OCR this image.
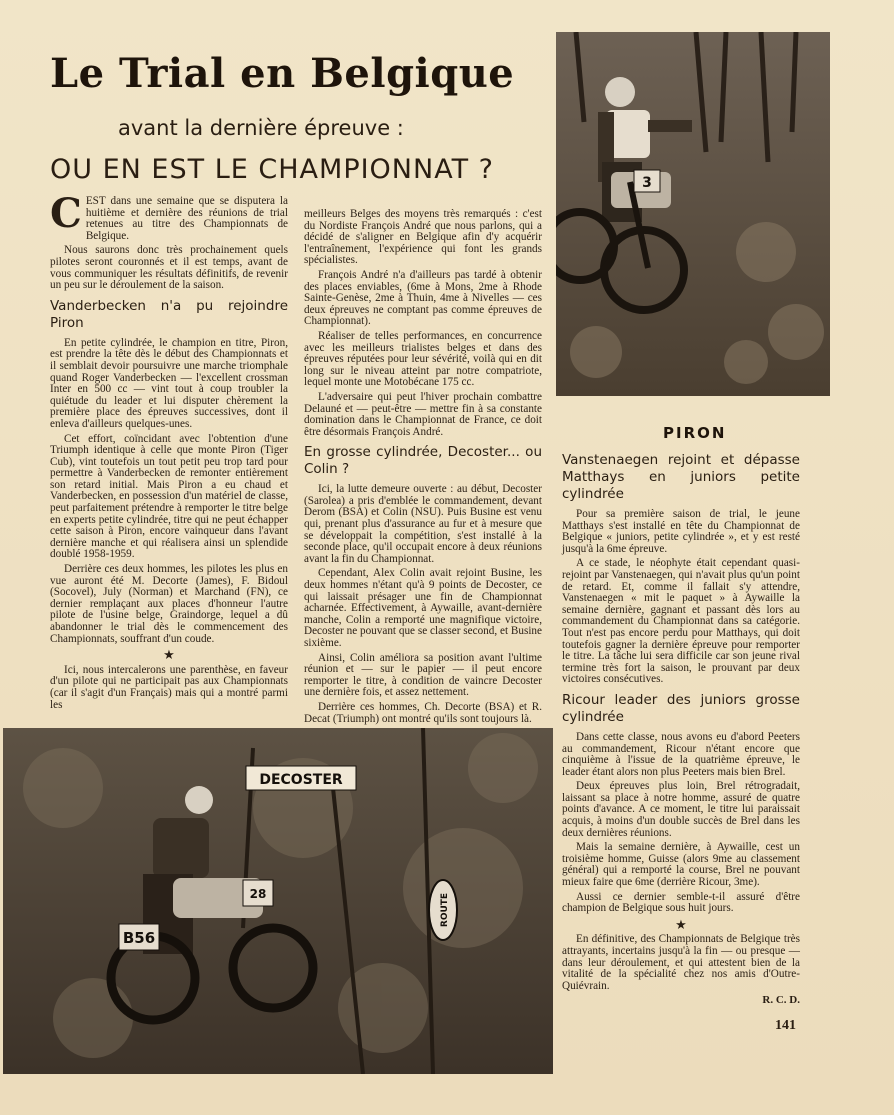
Le Trial en Belgique
avant la dernière épreuve :
OU EN EST LE CHAMPIONNAT ?	3

CEST dans une semaine que se disputera la huitième et dernière des réunions de trial retenues au titre des Championnats de Belgique.

Nous saurons donc très prochainement quels pilotes seront couronnés et il est temps, avant de vous communiquer les résultats définitifs, de revenir un peu sur le déroulement de la saison.

Vanderbecken n'a pu rejoindre Piron

En petite cylindrée, le champion en titre, Piron, est prendre la tête dès le début des Championnats et il semblait devoir poursuivre une marche triomphale quand Roger Vanderbecken — l'excellent crossman Inter en 500 cc — vint tout à coup troubler la quiétude du leader et lui disputer chèrement la première place des épreuves successives, dont il enleva d'ailleurs quelques-unes.

Cet effort, coïncidant avec l'obtention d'une Triumph identique à celle que monte Piron (Tiger Cub), vint toutefois un tout petit peu trop tard pour permettre à Vanderbecken de remonter entièrement son retard initial. Mais Piron a eu chaud et Vanderbecken, en possession d'un matériel de classe, peut parfaitement prétendre à remporter le titre belge en experts petite cylindrée, titre qui ne peut échapper cette saison à Piron, encore vainqueur dans l'avant dernière manche et qui réalisera ainsi un splendide doublé 1958-1959.

Derrière ces deux hommes, les pilotes les plus en vue auront été M. Decorte (James), F. Bidoul (Socovel), July (Norman) et Marchand (FN), ce dernier remplaçant aux places d'honneur l'autre pilote de l'usine belge, Graindorge, lequel a dû abandonner le trial dès le commencement des Championnats, souffrant d'un coude.

★

Ici, nous intercalerons une parenthèse, en faveur d'un pilote qui ne participait pas aux Championnats (car il s'agit d'un Français) mais qui a montré parmi les

meilleurs Belges des moyens très remarqués : c'est du Nordiste François André que nous parlons, qui a décidé de s'aligner en Belgique afin d'y acquérir l'entraînement, l'expérience qui font les grands spécialistes.

François André n'a d'ailleurs pas tardé à obtenir des places enviables, (6me à Mons, 2me à Rhode Sainte-Genèse, 2me à Thuin, 4me à Nivelles — ces deux épreuves ne comptant pas comme épreuves de Championnat).

Réaliser de telles performances, en concurrence avec les meilleurs trialistes belges et dans des épreuves réputées pour leur sévérité, voilà qui en dit long sur le niveau atteint par notre compatriote, lequel monte une Motobécane 175 cc.

L'adversaire qui peut l'hiver prochain combattre Delauné et — peut-être — mettre fin à sa constante domination dans le Championnat de France, ce doit être désormais François André.

En grosse cylindrée, Decoster... ou Colin ?

Ici, la lutte demeure ouverte : au début, Decoster (Sarolea) a pris d'emblée le commandement, devant Derom (BSA) et Colin (NSU). Puis Busine est venu qui, prenant plus d'assurance au fur et à mesure que se développait la compétition, s'est installé à la seconde place, qu'il occupait encore à deux réunions avant la fin du Championnat.

Cependant, Alex Colin avait rejoint Busine, les deux hommes n'étant qu'à 9 points de Decoster, ce qui laissait présager une fin de Championnat acharnée. Effectivement, à Aywaille, avant-dernière manche, Colin a remporté une magnifique victoire, Decoster ne pouvant que se classer second, et Busine sixième.

Ainsi, Colin améliora sa position avant l'ultime réunion et — sur le papier — il peut encore remporter le titre, à condition de vaincre Decoster une dernière fois, et assez nettement.

Derrière ces hommes, Ch. Decorte (BSA) et R. Decat (Triumph) ont montré qu'ils sont toujours là.

PIRON
Vanstenaegen rejoint et dépasse Matthays en juniors petite cylindrée

Pour sa première saison de trial, le jeune Matthays s'est installé en tête du Championnat de Belgique « juniors, petite cylindrée », et y est resté jusqu'à la 6me épreuve.

A ce stade, le néophyte était cependant quasi-rejoint par Vanstenaegen, qui n'avait plus qu'un point de retard. Et, comme il fallait s'y attendre, Vanstenaegen « mit le paquet » à Aywaille la semaine dernière, gagnant et passant dès lors au commandement du Championnat dans sa catégorie. Tout n'est pas encore perdu pour Matthays, qui doit toutefois gagner la dernière épreuve pour remporter le titre. La tâche lui sera difficile car son jeune rival termine très fort la saison, le prouvant par deux victoires consécutives.

Ricour leader des juniors grosse cylindrée

Dans cette classe, nous avons eu d'abord Peeters au commandement, Ricour n'étant encore que cinquième à l'issue de la quatrième épreuve, le leader étant alors non plus Peeters mais bien Brel.

Deux épreuves plus loin, Brel rétrogradait, laissant sa place à notre homme, assuré de quatre points d'avance. A ce moment, le titre lui paraissait acquis, à moins d'un double succès de Brel dans les deux dernières réunions.

Mais la semaine dernière, à Aywaille, cest un troisième homme, Guisse (alors 9me au classement général) qui a remporté la course, Brel ne pouvant mieux faire que 6me (derrière Ricour, 3me).

Aussi ce dernier semble-t-il assuré d'être champion de Belgique sous huit jours.

★

En définitive, des Championnats de Belgique très attrayants, incertains jusqu'à la fin — ou presque — dans leur déroulement, et qui attestent bien de la vitalité de la spécialité chez nos amis d'Outre-Quiévrain.

R. C. D.
B56
28
DECOSTER
ROUTE
141
